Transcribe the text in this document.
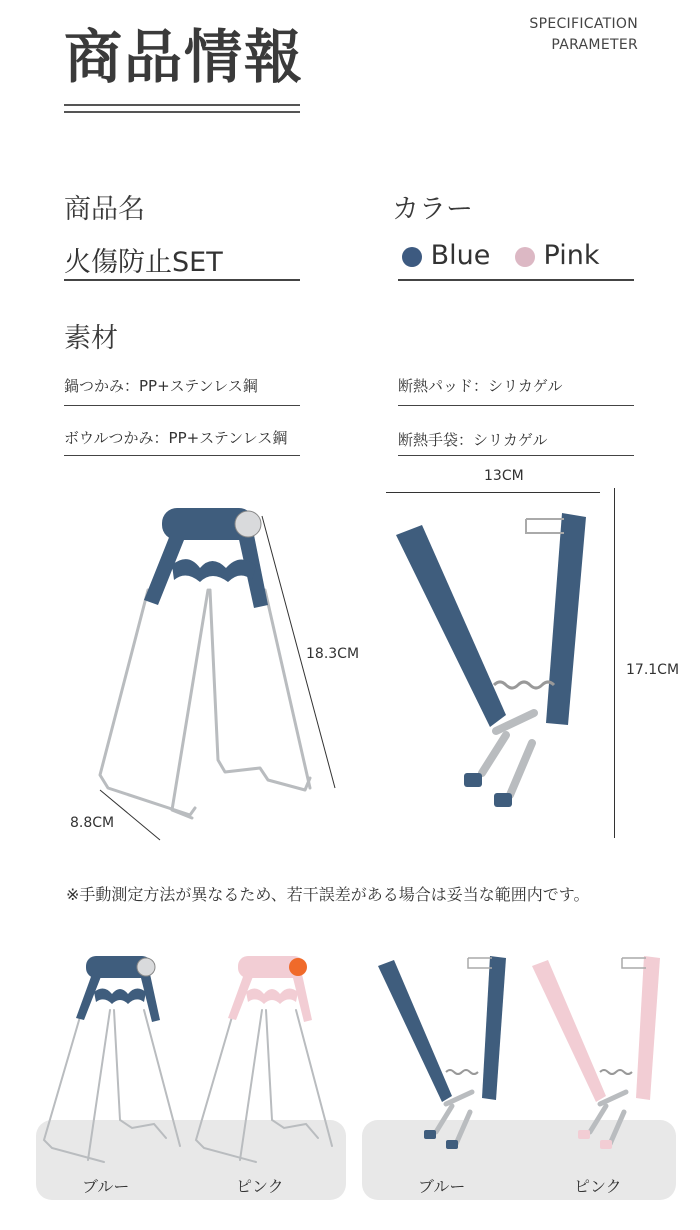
商品情報	SPECIFICATION
PARAMETER
商品名
火傷防止SET
カラー
Blue Pink
素材
鍋つかみ：PP+ステンレス鋼	断熱パッド：シリカゲル
ボウルつかみ：PP+ステンレス鋼	断熱手袋：シリカゲル
18.3CM
8.8CM
13CM
17.1CM
※手動測定方法が異なるため、若干誤差がある場合は妥当な範囲内です。
ブルー	ピンク	ブルー	ピンク
